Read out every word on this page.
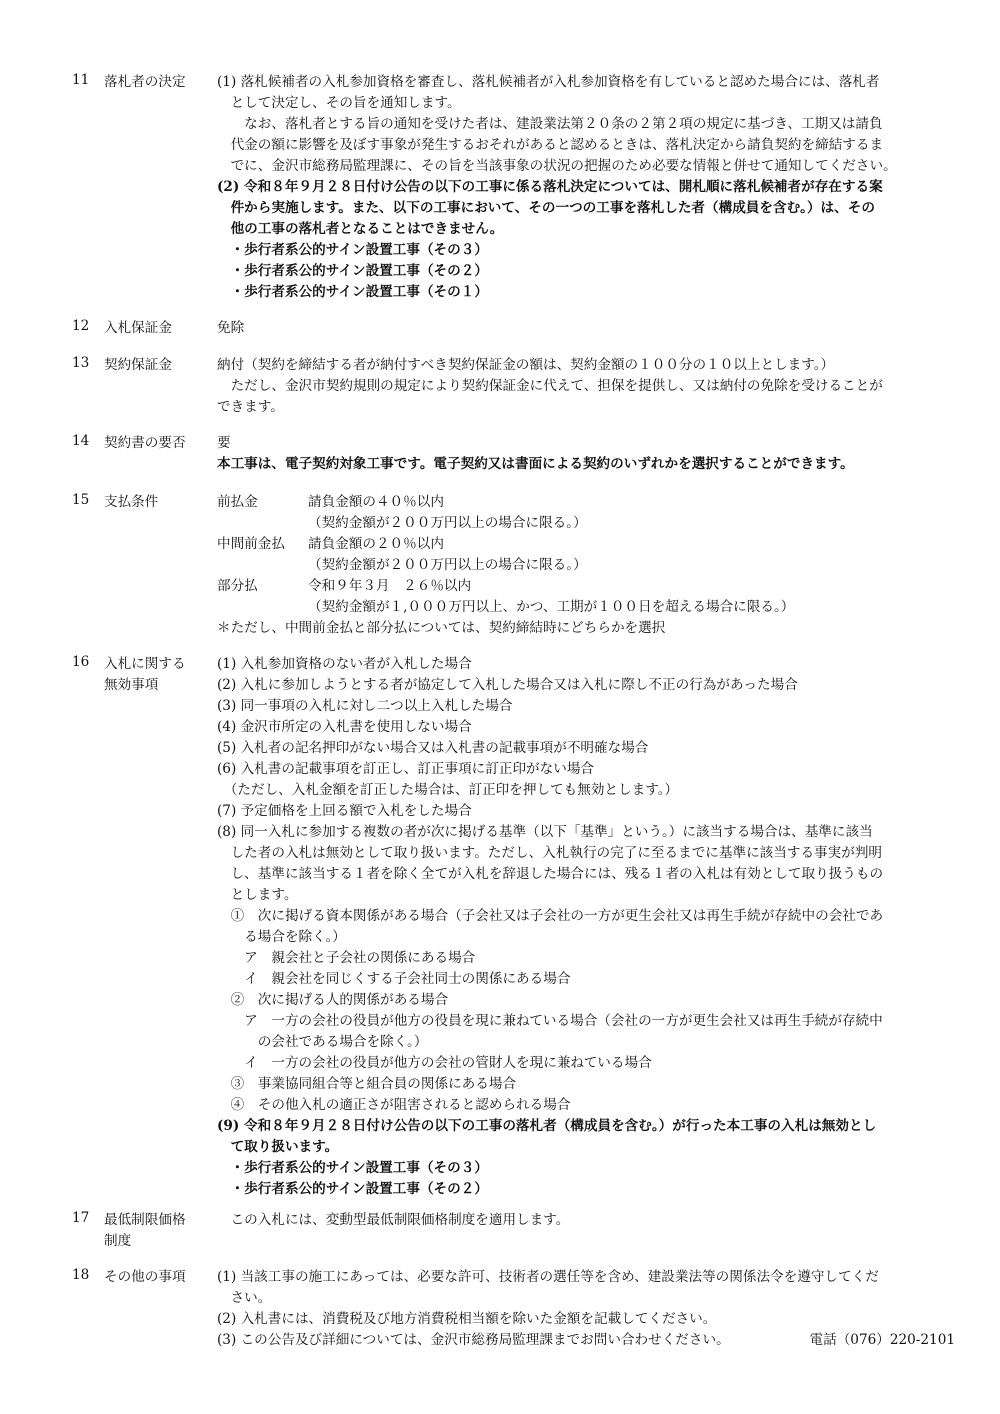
11 落札者の決定	(1) 落札候補者の入札参加資格を審査し、落札候補者が入札参加資格を有していると認めた場合には、落札者
　として決定し、その旨を通知します。
　　なお、落札者とする旨の通知を受けた者は、建設業法第２０条の２第２項の規定に基づき、工期又は請負
　代金の額に影響を及ぼす事象が発生するおそれがあると認めるときは、落札決定から請負契約を締結するま
　でに、金沢市総務局監理課に、その旨を当該事象の状況の把握のため必要な情報と併せて通知してください。
(2) 令和８年９月２８日付け公告の以下の工事に係る落札決定については、開札順に落札候補者が存在する案
　件から実施します。また、以下の工事において、その一つの工事を落札した者（構成員を含む。）は、その
　他の工事の落札者となることはできません。
　・歩行者系公的サイン設置工事（その３）
　・歩行者系公的サイン設置工事（その２）
　・歩行者系公的サイン設置工事（その１）
12 入札保証金	免除
13 契約保証金	納付（契約を締結する者が納付すべき契約保証金の額は、契約金額の１００分の１０以上とします。）
　ただし、金沢市契約規則の規定により契約保証金に代えて、担保を提供し、又は納付の免除を受けることが
できます。
14 契約書の要否	要
本工事は、電子契約対象工事です。電子契約又は書面による契約のいずれかを選択することができます。
15 支払条件	前払金	請負金額の４０％以内
（契約金額が２００万円以上の場合に限る。）
中間前金払 請負金額の２０％以内
（契約金額が２００万円以上の場合に限る。）
部分払	令和９年３月　２６％以内
（契約金額が１,０００万円以上、かつ、工期が１００日を超える場合に限る。）
＊ただし、中間前金払と部分払については、契約締結時にどちらかを選択
16 入札に関する
無効事項
(1) 入札参加資格のない者が入札した場合
(2) 入札に参加しようとする者が協定して入札した場合又は入札に際し不正の行為があった場合
(3) 同一事項の入札に対し二つ以上入札した場合
(4) 金沢市所定の入札書を使用しない場合
(5) 入札者の記名押印がない場合又は入札書の記載事項が不明確な場合
(6) 入札書の記載事項を訂正し、訂正事項に訂正印がない場合
　（ただし、入札金額を訂正した場合は、訂正印を押しても無効とします。）
(7) 予定価格を上回る額で入札をした場合
(8) 同一入札に参加する複数の者が次に掲げる基準（以下「基準」という。）に該当する場合は、基準に該当
　した者の入札は無効として取り扱います。ただし、入札執行の完了に至るまでに基準に該当する事実が判明
　し、基準に該当する１者を除く全てが入札を辞退した場合には、残る１者の入札は有効として取り扱うもの
　とします。
　①　次に掲げる資本関係がある場合（子会社又は子会社の一方が更生会社又は再生手続が存続中の会社であ
　　る場合を除く。）
　　ア　親会社と子会社の関係にある場合
　　イ　親会社を同じくする子会社同士の関係にある場合
　②　次に掲げる人的関係がある場合
　　ア　一方の会社の役員が他方の役員を現に兼ねている場合（会社の一方が更生会社又は再生手続が存続中
　　　の会社である場合を除く。）
　　イ　一方の会社の役員が他方の会社の管財人を現に兼ねている場合
　③　事業協同組合等と組合員の関係にある場合
　④　その他入札の適正さが阻害されると認められる場合
(9) 令和８年９月２８日付け公告の以下の工事の落札者（構成員を含む。）が行った本工事の入札は無効とし
　て取り扱います。
　・歩行者系公的サイン設置工事（その３）
　・歩行者系公的サイン設置工事（その２）
17 最低制限価格
制度
　この入札には、変動型最低制限価格制度を適用します。
18 その他の事項	(1) 当該工事の施工にあっては、必要な許可、技術者の選任等を含め、建設業法等の関係法令を遵守してくだ
　さい。
(2) 入札書には、消費税及び地方消費税相当額を除いた金額を記載してください。
(3) この公告及び詳細については、金沢市総務局監理課までお問い合わせください。	電話（076）220-2101
